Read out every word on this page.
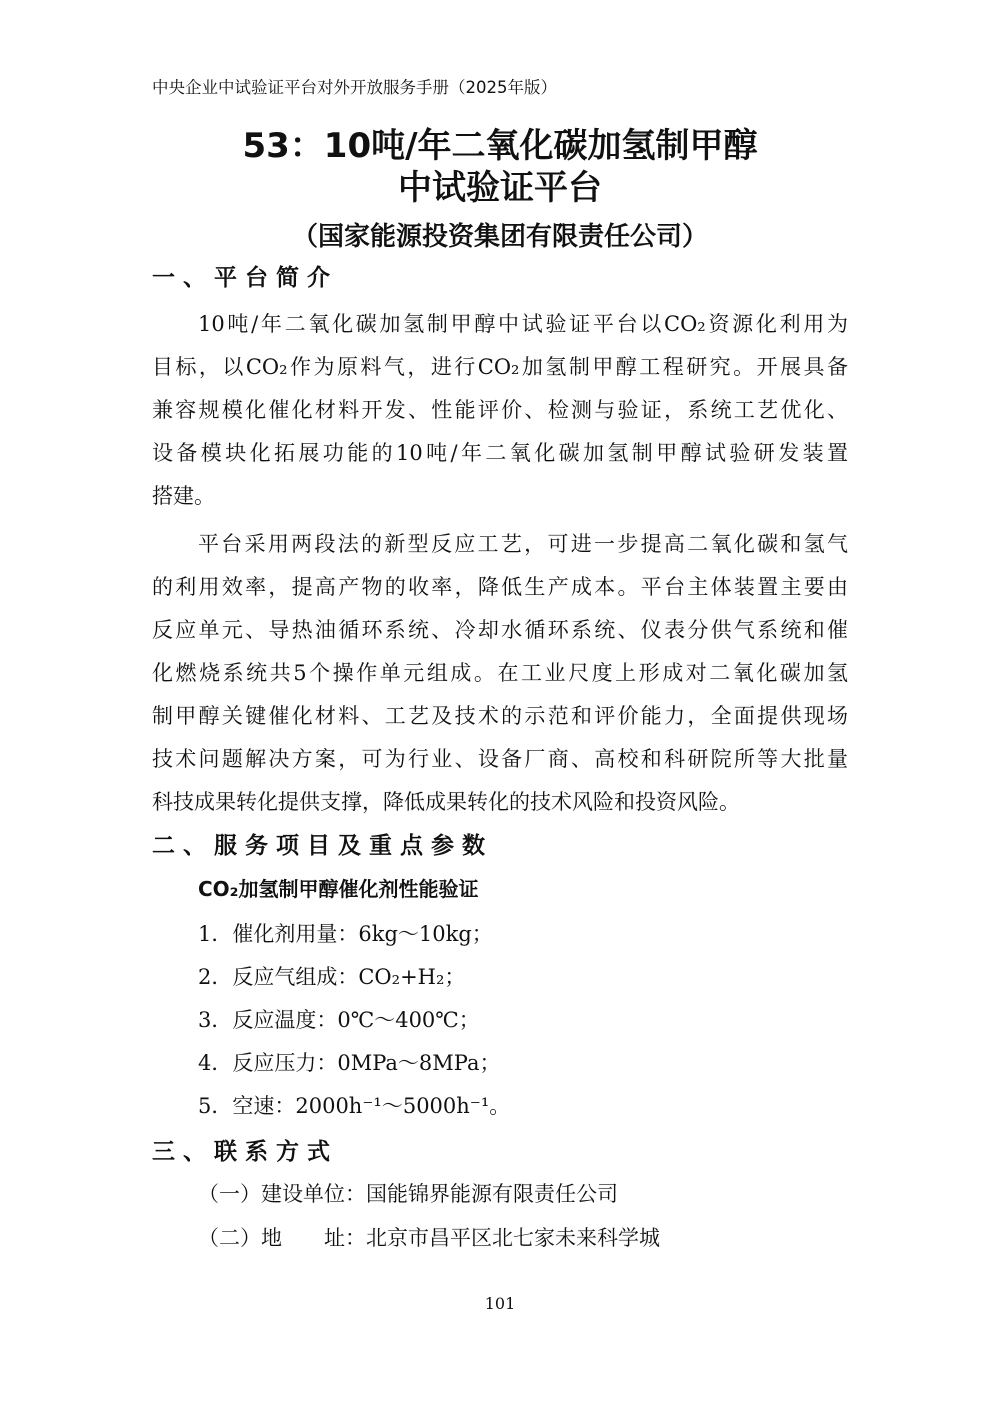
中央企业中试验证平台对外开放服务手册（2025年版）
53：10吨/年二氧化碳加氢制甲醇
中试验证平台
（国家能源投资集团有限责任公司）
一、平台简介
10吨/年二氧化碳加氢制甲醇中试验证平台以CO₂资源化利用为
目标，以CO₂作为原料气，进行CO₂加氢制甲醇工程研究。开展具备
兼容规模化催化材料开发、性能评价、检测与验证，系统工艺优化、
设备模块化拓展功能的10吨/年二氧化碳加氢制甲醇试验研发装置
搭建。
平台采用两段法的新型反应工艺，可进一步提高二氧化碳和氢气
的利用效率，提高产物的收率，降低生产成本。平台主体装置主要由
反应单元、导热油循环系统、冷却水循环系统、仪表分供气系统和催
化燃烧系统共5个操作单元组成。在工业尺度上形成对二氧化碳加氢
制甲醇关键催化材料、工艺及技术的示范和评价能力，全面提供现场
技术问题解决方案，可为行业、设备厂商、高校和科研院所等大批量
科技成果转化提供支撑，降低成果转化的技术风险和投资风险。
二、服务项目及重点参数
CO₂加氢制甲醇催化剂性能验证
1．催化剂用量：6kg～10kg；
2．反应气组成：CO₂+H₂；
3．反应温度：0℃～400℃；
4．反应压力：0MPa～8MPa；
5．空速：2000h⁻¹～5000h⁻¹。
三、联系方式
（一）建设单位：国能锦界能源有限责任公司
（二）地　　址：北京市昌平区北七家未来科学城
101
